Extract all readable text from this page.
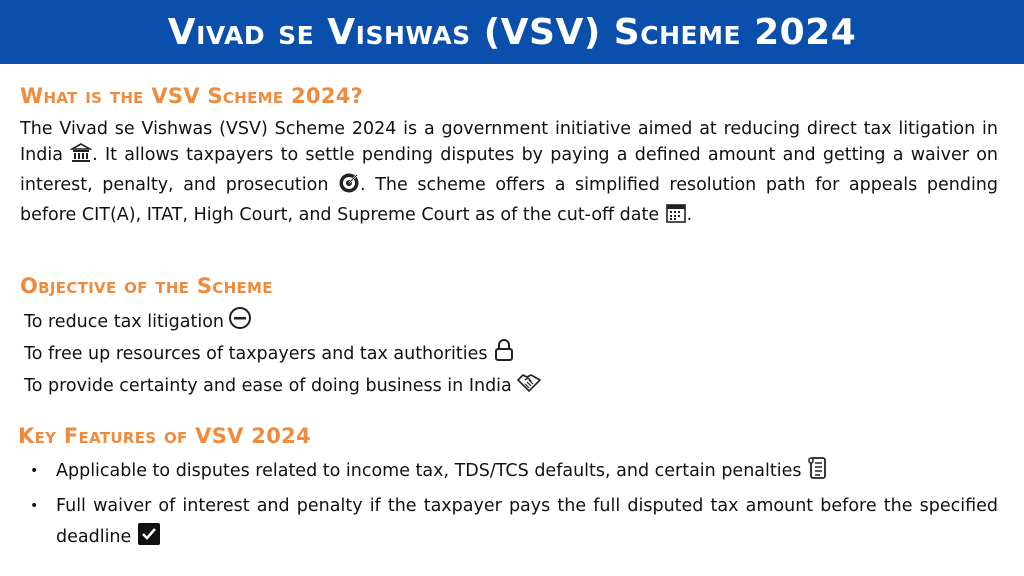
Vivad se Vishwas (VSV) Scheme 2024
What is the VSV Scheme 2024?
The Vivad se Vishwas (VSV) Scheme 2024 is a government initiative aimed at reducing direct tax litigation in India . It allows taxpayers to settle pending disputes by paying a defined amount and getting a waiver on interest, penalty, and prosecution . The scheme offers a simplified resolution path for appeals pending before CIT(A), ITAT, High Court, and Supreme Court as of the cut-off date .
Objective of the Scheme
To reduce tax litigation
To free up resources of taxpayers and tax authorities
To provide certainty and ease of doing business in India
Key Features of VSV 2024
•	Applicable to disputes related to income tax, TDS/TCS defaults, and certain penalties
•	Full waiver of interest and penalty if the taxpayer pays the full disputed tax amount before the specified deadline
